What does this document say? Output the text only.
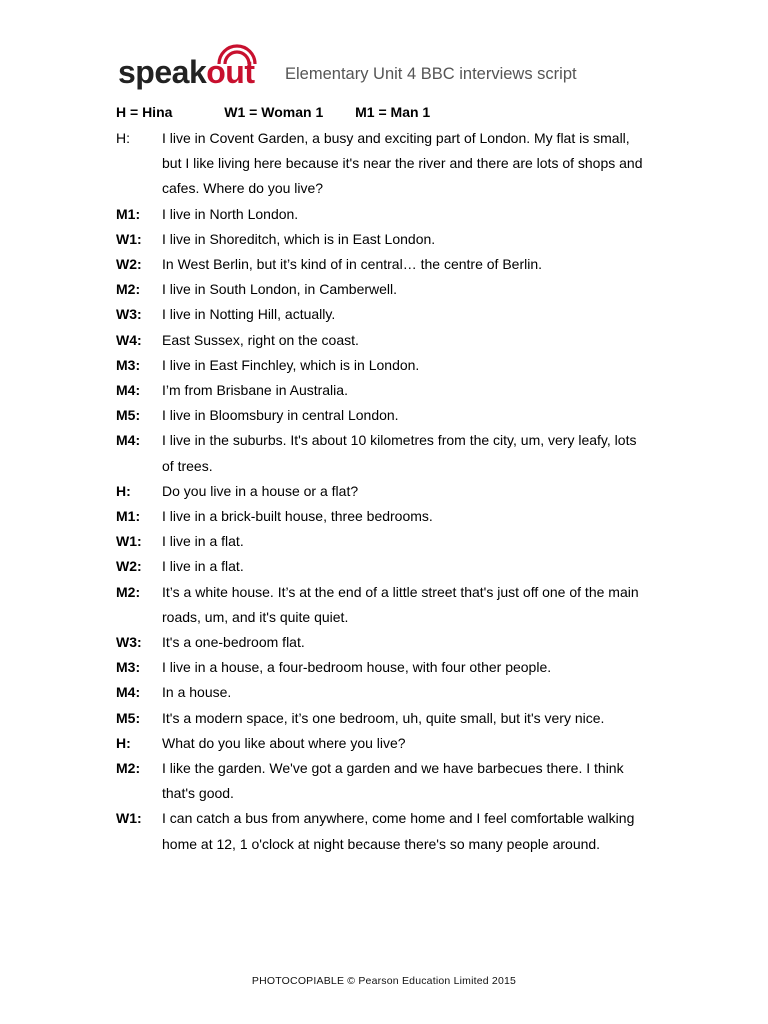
speakout Elementary Unit 4 BBC interviews script
H = Hina	W1 = Woman 1 M1 = Man 1
H:	I live in Covent Garden, a busy and exciting part of London. My flat is small, but I like living here because it's near the river and there are lots of shops and cafes. Where do you live?
M1:	I live in North London.
W1:	I live in Shoreditch, which is in East London.
W2:	In West Berlin, but it’s kind of in central… the centre of Berlin.
M2:	I live in South London, in Camberwell.
W3:	I live in Notting Hill, actually.
W4:	East Sussex, right on the coast.
M3:	I live in East Finchley, which is in London.
M4:	I’m from Brisbane in Australia.
M5:	I live in Bloomsbury in central London.
M4:	I live in the suburbs. It's about 10 kilometres from the city, um, very leafy, lots of trees.
H:	Do you live in a house or a flat?
M1:	I live in a brick-built house, three bedrooms.
W1:	I live in a flat.
W2:	I live in a flat.
M2:	It’s a white house. It’s at the end of a little street that's just off one of the main roads, um, and it's quite quiet.
W3:	It's a one-bedroom flat.
M3:	I live in a house, a four-bedroom house, with four other people.
M4:	In a house.
M5:	It's a modern space, it’s one bedroom, uh, quite small, but it's very nice.
H:	What do you like about where you live?
M2:	I like the garden. We've got a garden and we have barbecues there. I think that's good.
W1:	I can catch a bus from anywhere, come home and I feel comfortable walking home at 12, 1 o'clock at night because there's so many people around.
PHOTOCOPIABLE © Pearson Education Limited 2015
